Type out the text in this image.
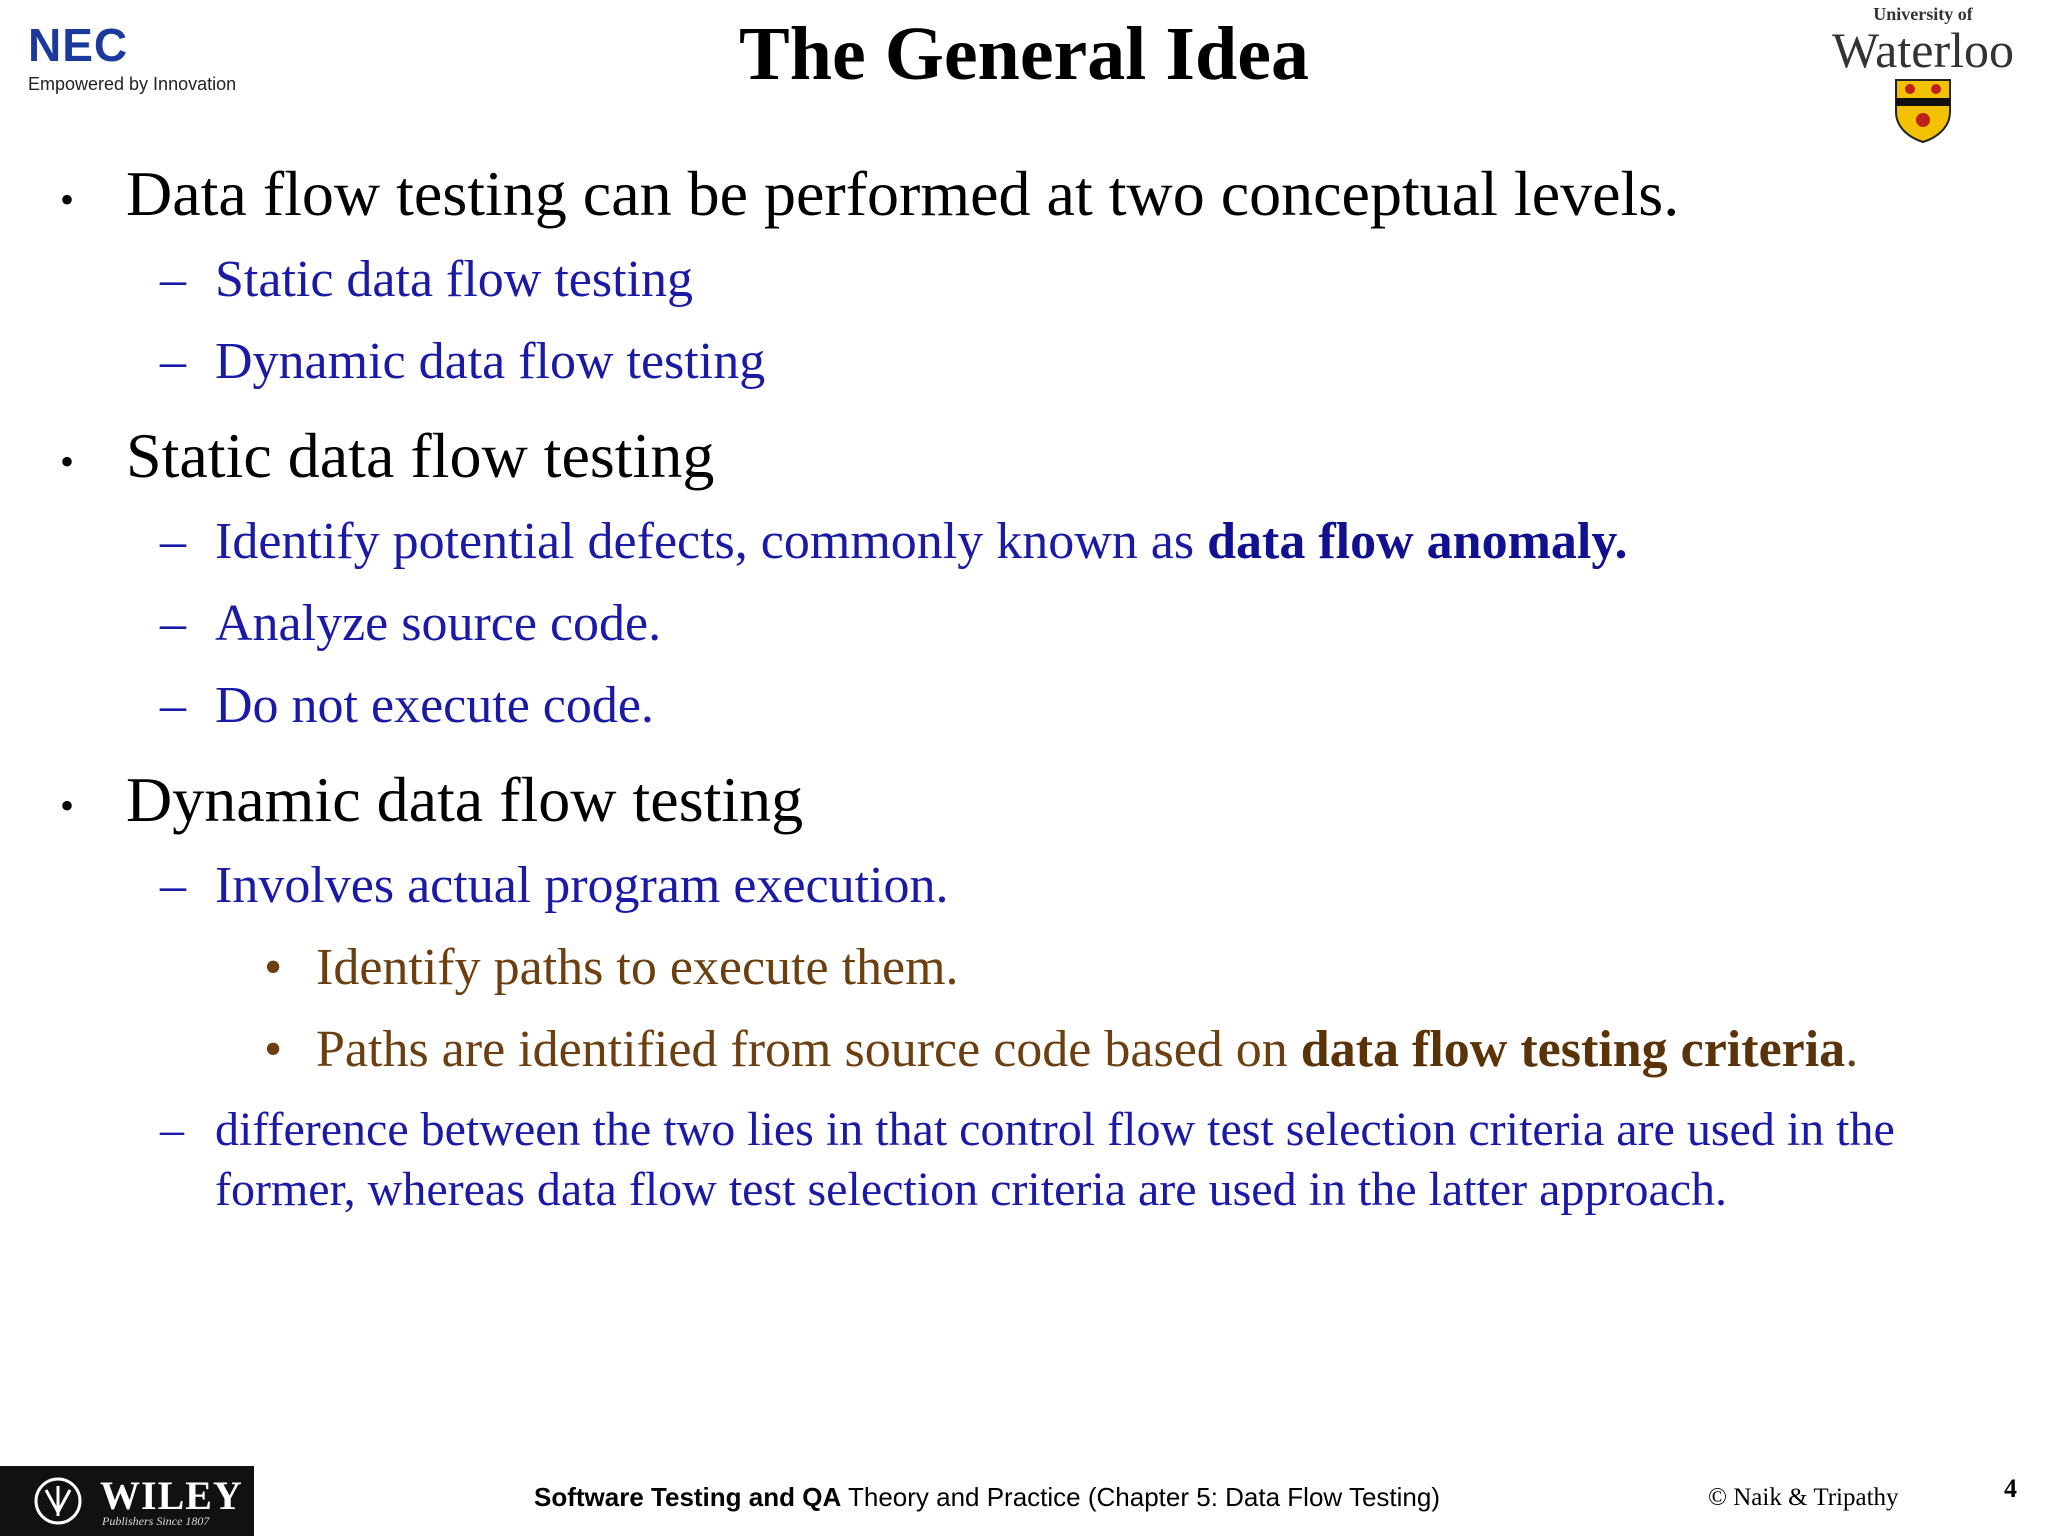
NEC
Empowered by Innovation	The General Idea	University of
Waterloo
• Data flow testing can be performed at two conceptual levels.
– Static data flow testing
– Dynamic data flow testing
• Static data flow testing
– Identify potential defects, commonly known as data flow anomaly.
– Analyze source code.
– Do not execute code.
• Dynamic data flow testing
– Involves actual program execution.
• Identify paths to execute them.
• Paths are identified from source code based on data flow testing criteria.
– difference between the two lies in that control flow test selection criteria are used in the
former, whereas data flow test selection criteria are used in the latter approach.
WILEY
Publishers Since 1807
Software Testing and QA Theory and Practice (Chapter 5: Data Flow Testing)	© Naik & Tripathy	4
